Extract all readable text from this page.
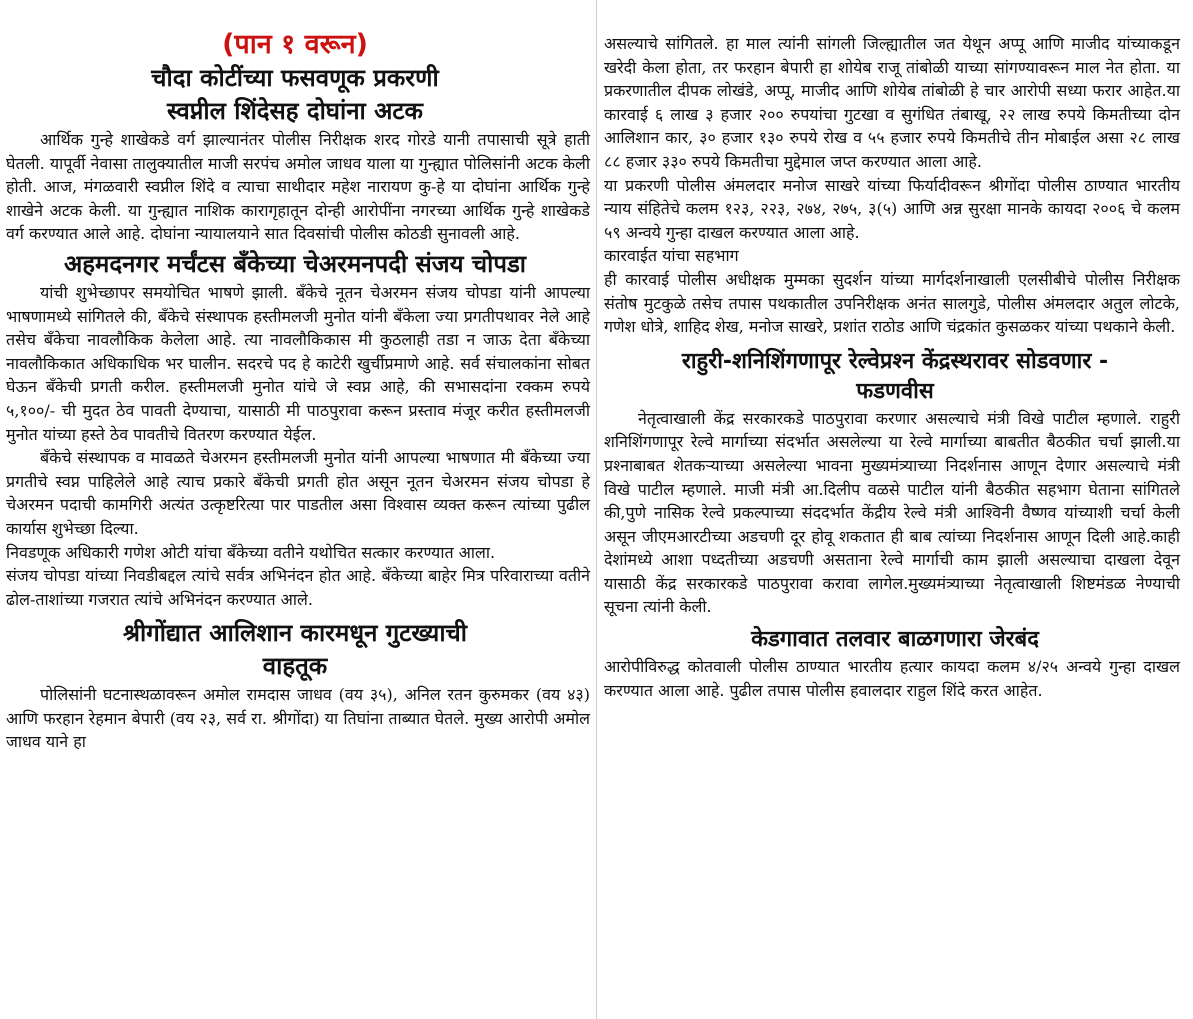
(पान १ वरून)
चौदा कोटींच्या फसवणूक प्रकरणी
स्वप्नील शिंदेसह दोघांना अटक

आर्थिक गुन्हे शाखेकडे वर्ग झाल्यानंतर पोलीस निरीक्षक शरद गोरडे यानी तपासाची सूत्रे हाती घेतली. यापूर्वी नेवासा तालुक्यातील माजी सरपंच अमोल जाधव याला या गुन्ह्यात पोलिसांनी अटक केली होती. आज, मंगळवारी स्वप्नील शिंदे व त्याचा साथीदार महेश नारायण कु-हे या दोघांना आर्थिक गुन्हे शाखेने अटक केली. या गुन्ह्यात नाशिक कारागृहातून दोन्ही आरोपींना नगरच्या आर्थिक गुन्हे शाखेकडे वर्ग करण्यात आले आहे. दोघांना न्यायालयाने सात दिवसांची पोलीस कोठडी सुनावली आहे.

अहमदनगर मर्चंटस बँकेच्या चेअरमनपदी संजय चोपडा

यांची शुभेच्छापर समयोचित भाषणे झाली. बँकेचे नूतन चेअरमन संजय चोपडा यांनी आपल्या भाषणामध्ये सांगितले की, बँकेचे संस्थापक हस्तीमलजी मुनोत यांनी बँकेला ज्या प्रगतीपथावर नेले आहे तसेच बँकेचा नावलौकिक केलेला आहे. त्या नावलौकिकास मी कुठलाही तडा न जाऊ देता बँकेच्या नावलौकिकात अधिकाधिक भर घालीन. सदरचे पद हे काटेरी खुर्चीप्रमाणे आहे. सर्व संचालकांना सोबत घेऊन बँकेची प्रगती करील. हस्तीमलजी मुनोत यांचे जे स्वप्न आहे, की सभासदांना रक्कम रुपये ५,१००/- ची मुदत ठेव पावती देण्याचा, यासाठी मी पाठपुरावा करून प्रस्ताव मंजूर करीत हस्तीमलजी मुनोत यांच्या हस्ते ठेव पावतीचे वितरण करण्यात येईल.

बँकेचे संस्थापक व मावळते चेअरमन हस्तीमलजी मुनोत यांनी आपल्या भाषणात मी बँकेच्या ज्या प्रगतीचे स्वप्न पाहिलेले आहे त्याच प्रकारे बँकेची प्रगती होत असून नूतन चेअरमन संजय चोपडा हे चेअरमन पदाची कामगिरी अत्यंत उत्कृष्टरित्या पार पाडतील असा विश्वास व्यक्त करून त्यांच्या पुढील कार्यास शुभेच्छा दिल्या.

निवडणूक अधिकारी गणेश ओटी यांचा बँकेच्या वतीने यथोचित सत्कार करण्यात आला.

संजय चोपडा यांच्या निवडीबद्दल त्यांचे सर्वत्र अभिनंदन होत आहे. बँकेच्या बाहेर मित्र परिवाराच्या वतीने ढोल-ताशांच्या गजरात त्यांचे अभिनंदन करण्यात आले.

श्रीगोंद्यात आलिशान कारमधून गुटख्याची
वाहतूक

पोलिसांनी घटनास्थळावरून अमोल रामदास जाधव (वय ३५), अनिल रतन कुरुमकर (वय ४३) आणि फरहान रेहमान बेपारी (वय २३, सर्व रा. श्रीगोंदा) या तिघांना ताब्यात घेतले. मुख्य आरोपी अमोल जाधव याने हा

असल्याचे सांगितले. हा माल त्यांनी सांगली जिल्ह्यातील जत येथून अप्पू आणि माजीद यांच्याकडून खरेदी केला होता, तर फरहान बेपारी हा शोयेब राजू तांबोळी याच्या सांगण्यावरून माल नेत होता. या प्रकरणातील दीपक लोखंडे, अप्पू, माजीद आणि शोयेब तांबोळी हे चार आरोपी सध्या फरार आहेत.या कारवाई ६ लाख ३ हजार २०० रुपयांचा गुटखा व सुगंधित तंबाखू, २२ लाख रुपये किमतीच्या दोन आलिशान कार, ३० हजार १३० रुपये रोख व ५५ हजार रुपये किमतीचे तीन मोबाईल असा २८ लाख ८८ हजार ३३० रुपये किमतीचा मुद्देमाल जप्त करण्यात आला आहे.

या प्रकरणी पोलीस अंमलदार मनोज साखरे यांच्या फिर्यादीवरून श्रीगोंदा पोलीस ठाण्यात भारतीय न्याय संहितेचे कलम १२३, २२३, २७४, २७५, ३(५) आणि अन्न सुरक्षा मानके कायदा २००६ चे कलम ५९ अन्वये गुन्हा दाखल करण्यात आला आहे.

कारवाईत यांचा सहभाग

ही कारवाई पोलीस अधीक्षक मुम्मका सुदर्शन यांच्या मार्गदर्शनाखाली एलसीबीचे पोलीस निरीक्षक संतोष मुटकुळे तसेच तपास पथकातील उपनिरीक्षक अनंत सालगुडे, पोलीस अंमलदार अतुल लोटके, गणेश धोत्रे, शाहिद शेख, मनोज साखरे, प्रशांत राठोड आणि चंद्रकांत कुसळकर यांच्या पथकाने केली.

राहुरी-शनिशिंगणापूर रेल्वेप्रश्‍न केंद्रस्थरावर सोडवणार -
फडणवीस

नेतृत्वाखाली केंद्र सरकारकडे पाठपुरावा करणार असल्याचे मंत्री विखे पाटील म्हणाले. राहुरी शनिशिंगणापूर रेल्वे मार्गाच्या संदर्भात असलेल्या या रेल्वे मार्गाच्या बाबतीत बैठकीत चर्चा झाली.या प्रश्‍नाबाबत शेतकर्‍याच्या असलेल्या भावना मुख्यमंत्र्याच्या निदर्शनास आणून देणार असल्याचे मंत्री विखे पाटील म्हणाले. माजी मंत्री आ.दिलीप वळसे पाटील यांनी बैठकीत सहभाग घेताना सांगितले की,पुणे नासिक रेल्वे प्रकल्पाच्या संददर्भात केंद्रीय रेल्वे मंत्री आश्विनी वैष्णव यांच्याशी चर्चा केली असून जीएमआरटीच्या अडचणी दूर होवू शकतात ही बाब त्यांच्या निदर्शनास आणून दिली आहे.काही देशांमध्ये आशा पध्दतीच्या अडचणी असताना रेल्वे मार्गाची काम झाली असल्याचा दाखला देवून यासाठी केंद्र सरकारकडे पाठपुरावा करावा लागेल.मुख्यमंत्र्याच्या नेतृत्वाखाली शिष्टमंडळ नेण्याची सूचना त्यांनी केली.

केडगावात तलवार बाळगणारा जेरबंद

आरोपीविरुद्ध कोतवाली पोलीस ठाण्यात भारतीय हत्यार कायदा कलम ४/२५ अन्वये गुन्हा दाखल करण्यात आला आहे. पुढील तपास पोलीस हवालदार राहुल शिंदे करत आहेत.
